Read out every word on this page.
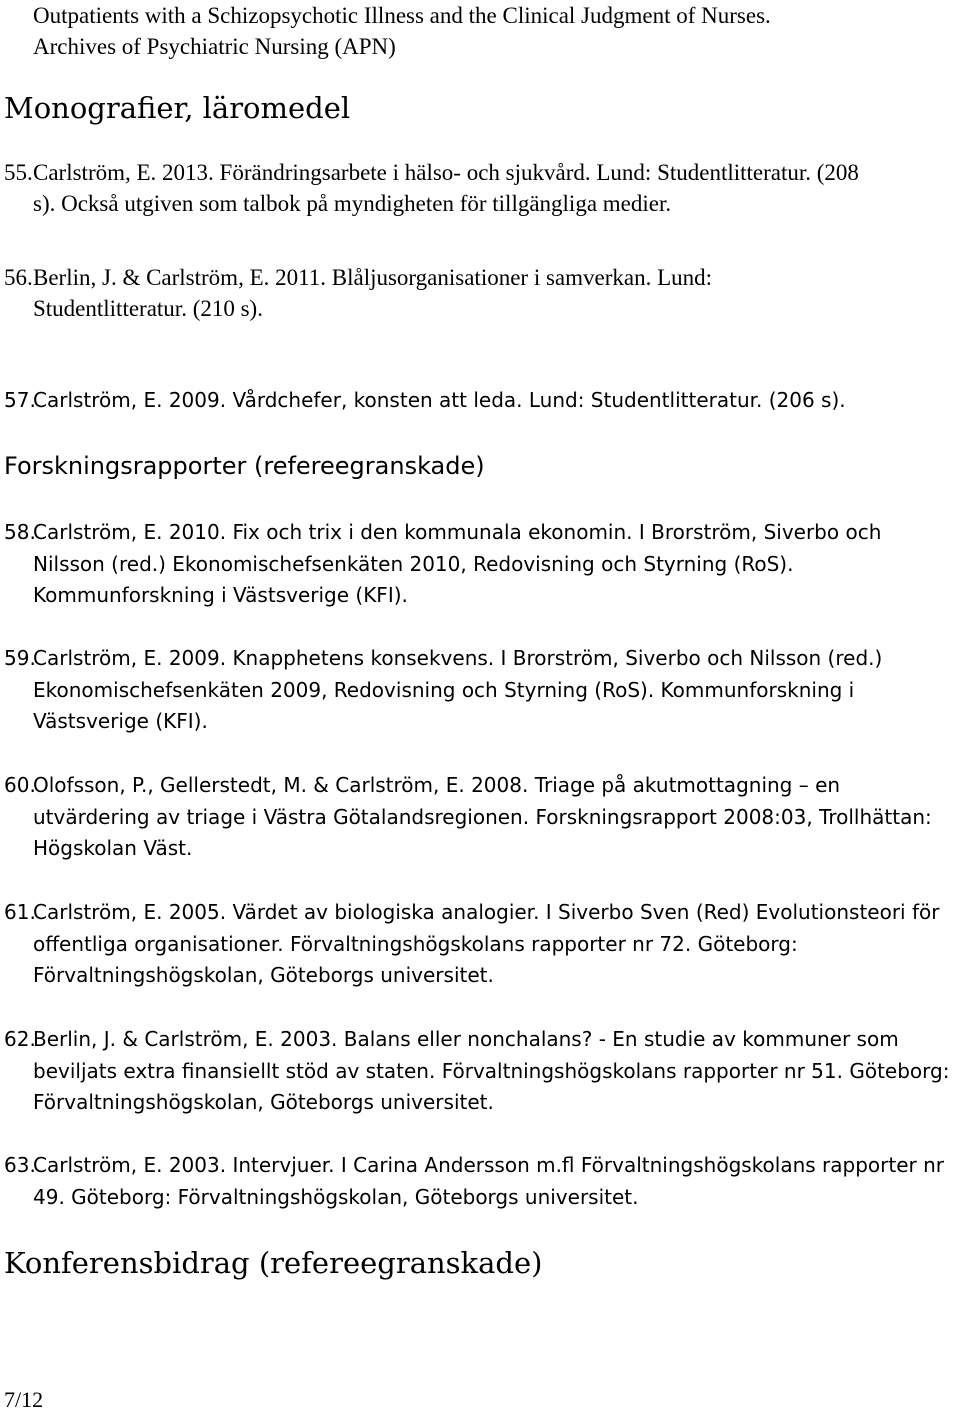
Outpatients with a Schizopsychotic Illness and the Clinical Judgment of Nurses.
Archives of Psychiatric Nursing (APN)
Monografier, läromedel
55. Carlström, E. 2013. Förändringsarbete i hälso- och sjukvård. Lund: Studentlitteratur. (208 s). Också utgiven som talbok på myndigheten för tillgängliga medier.
56. Berlin, J. & Carlström, E. 2011. Blåljusorganisationer i samverkan. Lund: Studentlitteratur. (210 s).
57.
Carlström, E. 2009. Vårdchefer, konsten att leda. Lund: Studentlitteratur. (206 s).
Forskningsrapporter (refereegranskade)
58.
Carlström, E. 2010. Fix och trix i den kommunala ekonomin. I Brorström, Siverbo och Nilsson (red.) Ekonomischefsenkäten 2010, Redovisning och Styrning (RoS). Kommunforskning i Västsverige (KFI).
59.
Carlström, E. 2009. Knapphetens konsekvens. I Brorström, Siverbo och Nilsson (red.) Ekonomischefsenkäten 2009, Redovisning och Styrning (RoS). Kommunforskning i Västsverige (KFI).
60.
Olofsson, P., Gellerstedt, M. & Carlström, E. 2008. Triage på akutmottagning – en utvärdering av triage i Västra Götalandsregionen. Forskningsrapport 2008:03, Trollhättan: Högskolan Väst.
61.
Carlström, E. 2005. Värdet av biologiska analogier. I Siverbo Sven (Red) Evolutionsteori för offentliga organisationer. Förvaltningshögskolans rapporter nr 72. Göteborg: Förvaltningshögskolan, Göteborgs universitet.
62.
Berlin, J. & Carlström, E. 2003. Balans eller nonchalans? - En studie av kommuner som beviljats extra finansiellt stöd av staten. Förvaltningshögskolans rapporter nr 51. Göteborg: Förvaltningshögskolan, Göteborgs universitet.
63.
Carlström, E. 2003. Intervjuer. I Carina Andersson m.fl Förvaltningshögskolans rapporter nr 49. Göteborg: Förvaltningshögskolan, Göteborgs universitet.
Konferensbidrag (refereegranskade)
7/12
